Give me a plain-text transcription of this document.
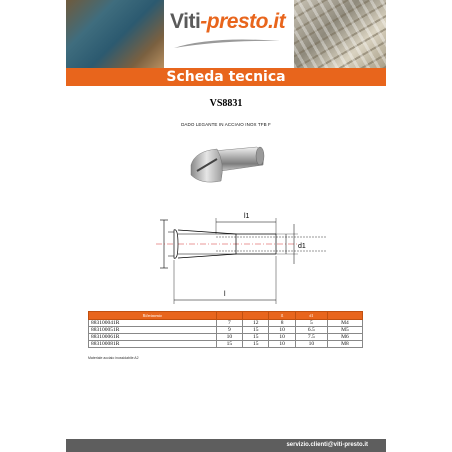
Viti-presto.it
Scheda tecnica
VS8831
DADO LEGANTE IN ACCIAIO INOX TFB F
l1
d1
l
Riferimento			l1	d1	
883100041R	7	12	8	5	M4
883100051R	9	15	10	6.5	M5
883100061R	10	15	10	7.5	M6
883100081R	15	15	10	10	M8
Materiale acciaio inossidabile A2
servizio.clienti@viti-presto.it
